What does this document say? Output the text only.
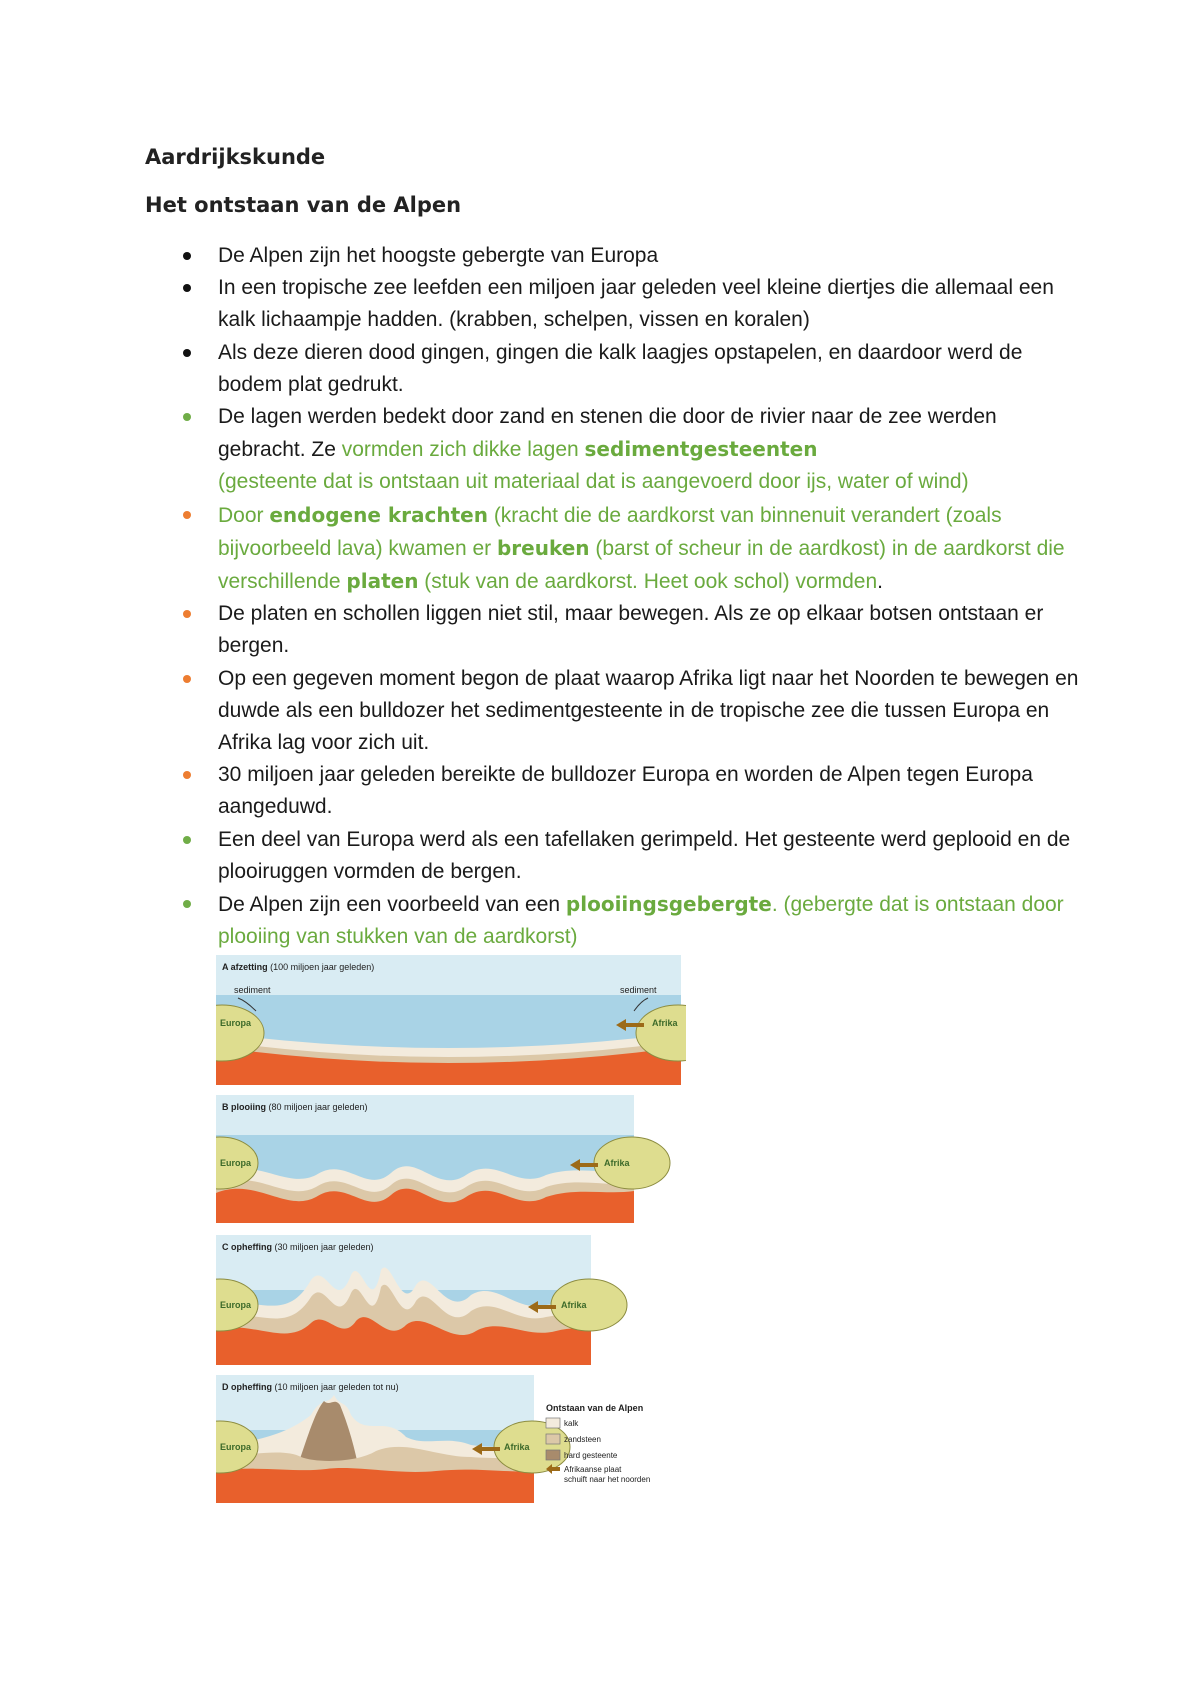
Aardrijkskunde
Het ontstaan van de Alpen
De Alpen zijn het hoogste gebergte van Europa
In een tropische zee leefden een miljoen jaar geleden veel kleine diertjes die allemaal een kalk lichaampje hadden. (krabben, schelpen, vissen en koralen)
Als deze dieren dood gingen, gingen die kalk laagjes opstapelen, en daardoor werd de bodem plat gedrukt.
De lagen werden bedekt door zand en stenen die door de rivier naar de zee werden gebracht. Ze vormden zich dikke lagen sedimentgesteenten
(gesteente dat is ontstaan uit materiaal dat is aangevoerd door ijs, water of wind)
Door endogene krachten (kracht die de aardkorst van binnenuit verandert (zoals bijvoorbeeld lava) kwamen er breuken (barst of scheur in de aardkost) in de aardkorst die verschillende platen (stuk van de aardkorst. Heet ook schol) vormden.
De platen en schollen liggen niet stil, maar bewegen. Als ze op elkaar botsen ontstaan er bergen.
Op een gegeven moment begon de plaat waarop Afrika ligt naar het Noorden te bewegen en duwde als een bulldozer het sedimentgesteente in de tropische zee die tussen Europa en Afrika lag voor zich uit.
30 miljoen jaar geleden bereikte de bulldozer Europa en worden de Alpen tegen Europa aangeduwd.
Een deel van Europa werd als een tafellaken gerimpeld. Het gesteente werd geplooid en de plooiruggen vormden de bergen.
De Alpen zijn een voorbeeld van een plooiingsgebergte. (gebergte dat is ontstaan door plooiing van stukken van de aardkorst)
A afzetting (100 miljoen jaar geleden)
sediment	sediment
Europa	Afrika
B plooiing (80 miljoen jaar geleden)
Europa	Afrika
C opheffing (30 miljoen jaar geleden)
Europa	Afrika
D opheffing (10 miljoen jaar geleden tot nu)
Europa	Afrika
Ontstaan van de Alpen
kalk
zandsteen
hard gesteente
Afrikaanse plaat
schuift naar het noorden
